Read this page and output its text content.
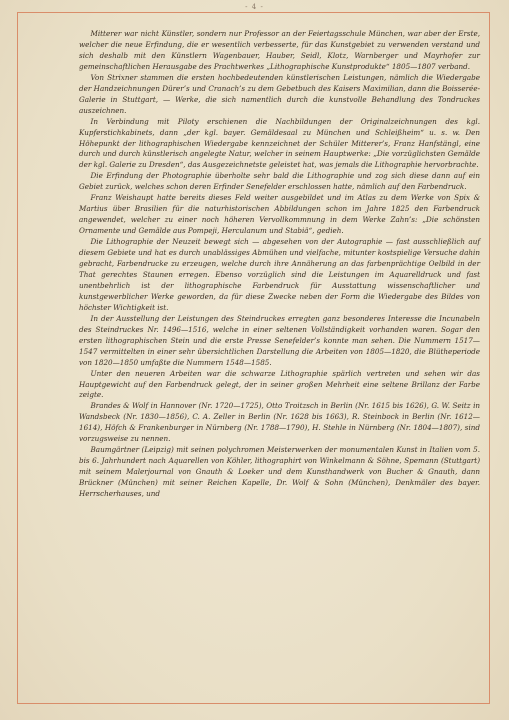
- 4 -

Mitterer war nicht Künstler, sondern nur Professor an der Feiertagsschule München, war aber der Erste, welcher die neue Erfindung, die er wesentlich verbesserte, für das Kunstgebiet zu verwenden verstand und sich deshalb mit den Künstlern Wagenbauer, Hauber, Seidl, Klotz, Warnberger und Mayrhofer zur gemeinschaftlichen Herausgabe des Prachtwerkes „Lithographische Kunstprodukte“ 1805—1807 verband.

Von Strixner stammen die ersten hochbedeutenden künstlerischen Leistungen, nämlich die Wiedergabe der Handzeichnungen Dürer’s und Cranach’s zu dem Gebetbuch des Kaisers Maximilian, dann die Boisserée-Galerie in Stuttgart, — Werke, die sich namentlich durch die kunstvolle Behandlung des Tondruckes auszeichnen.

In Verbindung mit Piloty erschienen die Nachbildungen der Originalzeichnungen des kgl. Kupferstichkabinets, dann „der kgl. bayer. Gemäldesaal zu München und Schleißheim“ u. s. w. Den Höhepunkt der lithographischen Wiedergabe kennzeichnet der Schüler Mitterer’s, Franz Hanfstängl, eine durch und durch künstlerisch angelegte Natur, welcher in seinem Hauptwerke: „Die vorzüglichsten Gemälde der kgl. Galerie zu Dresden“, das Ausgezeichnetste geleistet hat, was jemals die Lithographie hervorbrachte.

Die Erfindung der Photographie überholte sehr bald die Lithographie und zog sich diese dann auf ein Gebiet zurück, welches schon deren Erfinder Senefelder erschlossen hatte, nämlich auf den Farbendruck.

Franz Weishaupt hatte bereits dieses Feld weiter ausgebildet und im Atlas zu dem Werke von Spix & Martius über Brasilien für die naturhistorischen Abbildungen schon im Jahre 1825 den Farbendruck angewendet, welcher zu einer noch höheren Vervollkommnung in dem Werke Zahn’s: „Die schönsten Ornamente und Gemälde aus Pompeji, Herculanum und Stabiä“, gedieh.

Die Lithographie der Neuzeit bewegt sich — abgesehen von der Autographie — fast ausschließlich auf diesem Gebiete und hat es durch unablässiges Abmühen und vielfache, mitunter kostspielige Versuche dahin gebracht, Farbendrucke zu erzeugen, welche durch ihre Annäherung an das farbenprächtige Oelbild in der That gerechtes Staunen erregen. Ebenso vorzüglich sind die Leistungen im Aquarelldruck und fast unentbehrlich ist der lithographische Farbendruck für Ausstattung wissenschaftlicher und kunstgewerblicher Werke geworden, da für diese Zwecke neben der Form die Wiedergabe des Bildes von höchster Wichtigkeit ist.

In der Ausstellung der Leistungen des Steindruckes erregten ganz besonderes Interesse die Incunabeln des Steindruckes Nr. 1496—1516, welche in einer seltenen Vollständigkeit vorhanden waren. Sogar den ersten lithographischen Stein und die erste Presse Senefelder’s konnte man sehen. Die Nummern 1517—1547 vermittelten in einer sehr übersichtlichen Darstellung die Arbeiten von 1805—1820, die Blütheperiode von 1820—1850 umfaßte die Nummern 1548—1585.

Unter den neueren Arbeiten war die schwarze Lithographie spärlich vertreten und sehen wir das Hauptgewicht auf den Farbendruck gelegt, der in seiner großen Mehrheit eine seltene Brillanz der Farbe zeigte.

Brandes & Wolf in Hannover (Nr. 1720—1725), Otto Troitzsch in Berlin (Nr. 1615 bis 1626), G. W. Seitz in Wandsbeck (Nr. 1830—1856), C. A. Zeller in Berlin (Nr. 1628 bis 1663), R. Steinbock in Berlin (Nr. 1612—1614), Höfch & Frankenburger in Nürnberg (Nr. 1788—1790), H. Stehle in Nürnberg (Nr. 1804—1807), sind vorzugsweise zu nennen.

Baumgärtner (Leipzig) mit seinen polychromen Meisterwerken der monumentalen Kunst in Italien vom 5. bis 6. Jahrhundert nach Aquarellen von Köhler, lithographirt von Winkelmann & Söhne, Spemann (Stuttgart) mit seinem Malerjournal von Gnauth & Loeker und dem Kunsthandwerk von Bucher & Gnauth, dann Brückner (München) mit seiner Reichen Kapelle, Dr. Wolf & Sohn (München), Denkmäler des bayer. Herrscherhauses, und
